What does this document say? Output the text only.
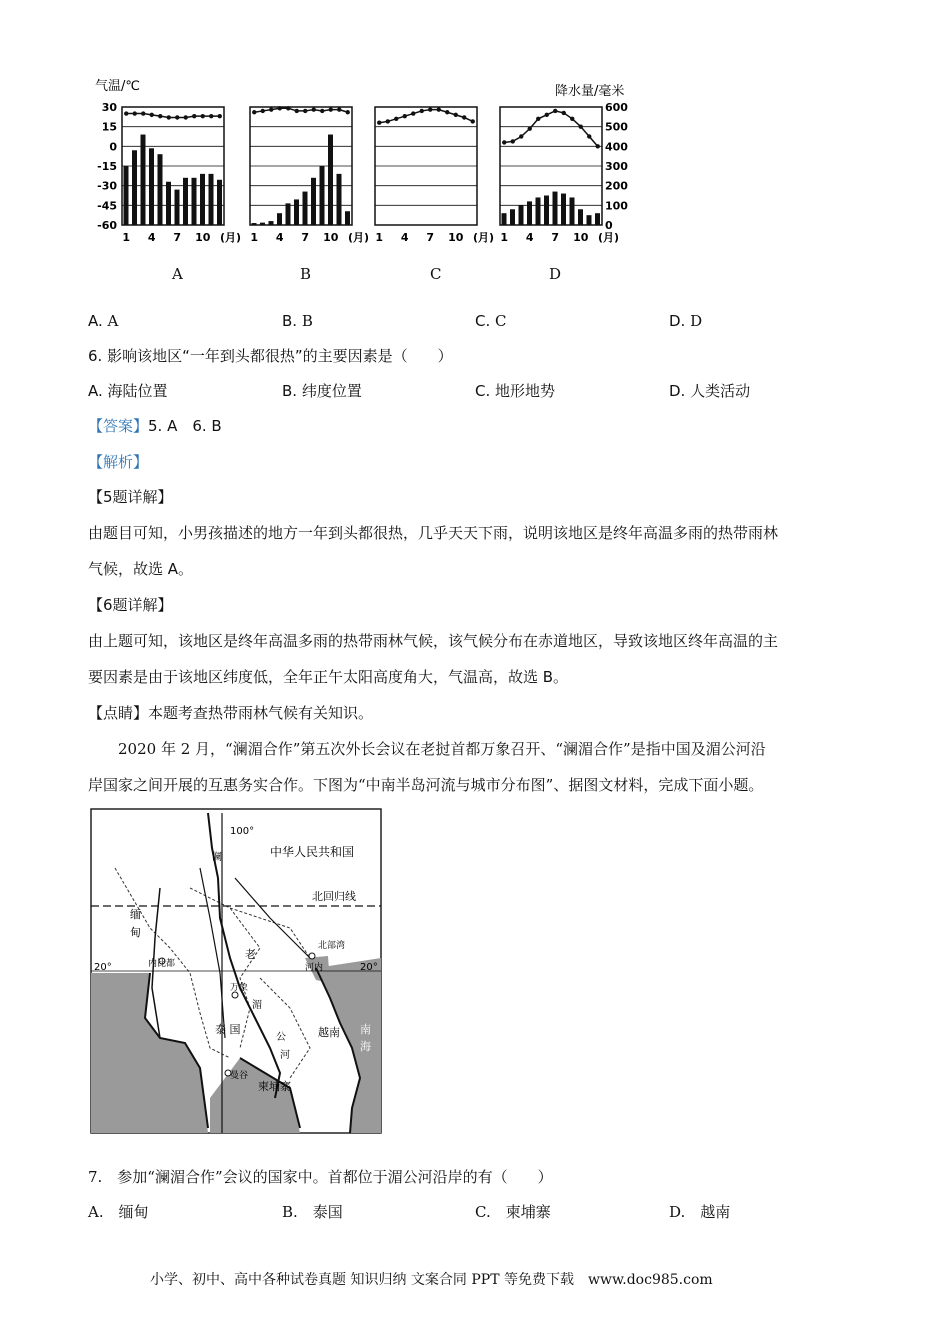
气温/℃	降水量/毫米
30
15
0
-15
-30
-45
-60
600
500
400
300
200
100
0
1 4 7 10 (月) 1 4 7 10 (月) 1 4 7 10 (月) 1 4 7 10 (月)
A	B	C	D
A. A	B. B	C. C	D. D
6. 影响该地区“一年到头都很热”的主要因素是（　　）
A. 海陆位置	B. 纬度位置	C. 地形地势	D. 人类活动
【答案】5. A　6. B
【解析】
【5题详解】
由题目可知，小男孩描述的地方一年到头都很热，几乎天天下雨，说明该地区是终年高温多雨的热带雨林
气候，故选 A。
【6题详解】
由上题可知，该地区是终年高温多雨的热带雨林气候，该气候分布在赤道地区，导致该地区终年高温的主
要因素是由于该地区纬度低，全年正午太阳高度角大，气温高，故选 B。
【点睛】本题考查热带雨林气候有关知识。
2020 年 2 月，“澜湄合作”第五次外长会议在老挝首都万象召开、“澜湄合作”是指中国及湄公河沿
岸国家之间开展的互惠务实合作。下图为“中南半岛河流与城市分布图”、据图文材料，完成下面小题。
100°
中华人民共和国
北回归线
20°	20°
缅
甸
内比都
老
万象
河内
北部湾
泰 国
曼谷
南
海
澜
湄
公
河
越南
柬埔寨
7.　参加“澜湄合作”会议的国家中。首都位于湄公河沿岸的有（　　）
A.　缅甸	B.　泰国	C.　柬埔寨	D.　越南
小学、初中、高中各种试卷真题 知识归纳 文案合同 PPT 等免费下载　www.doc985.com
